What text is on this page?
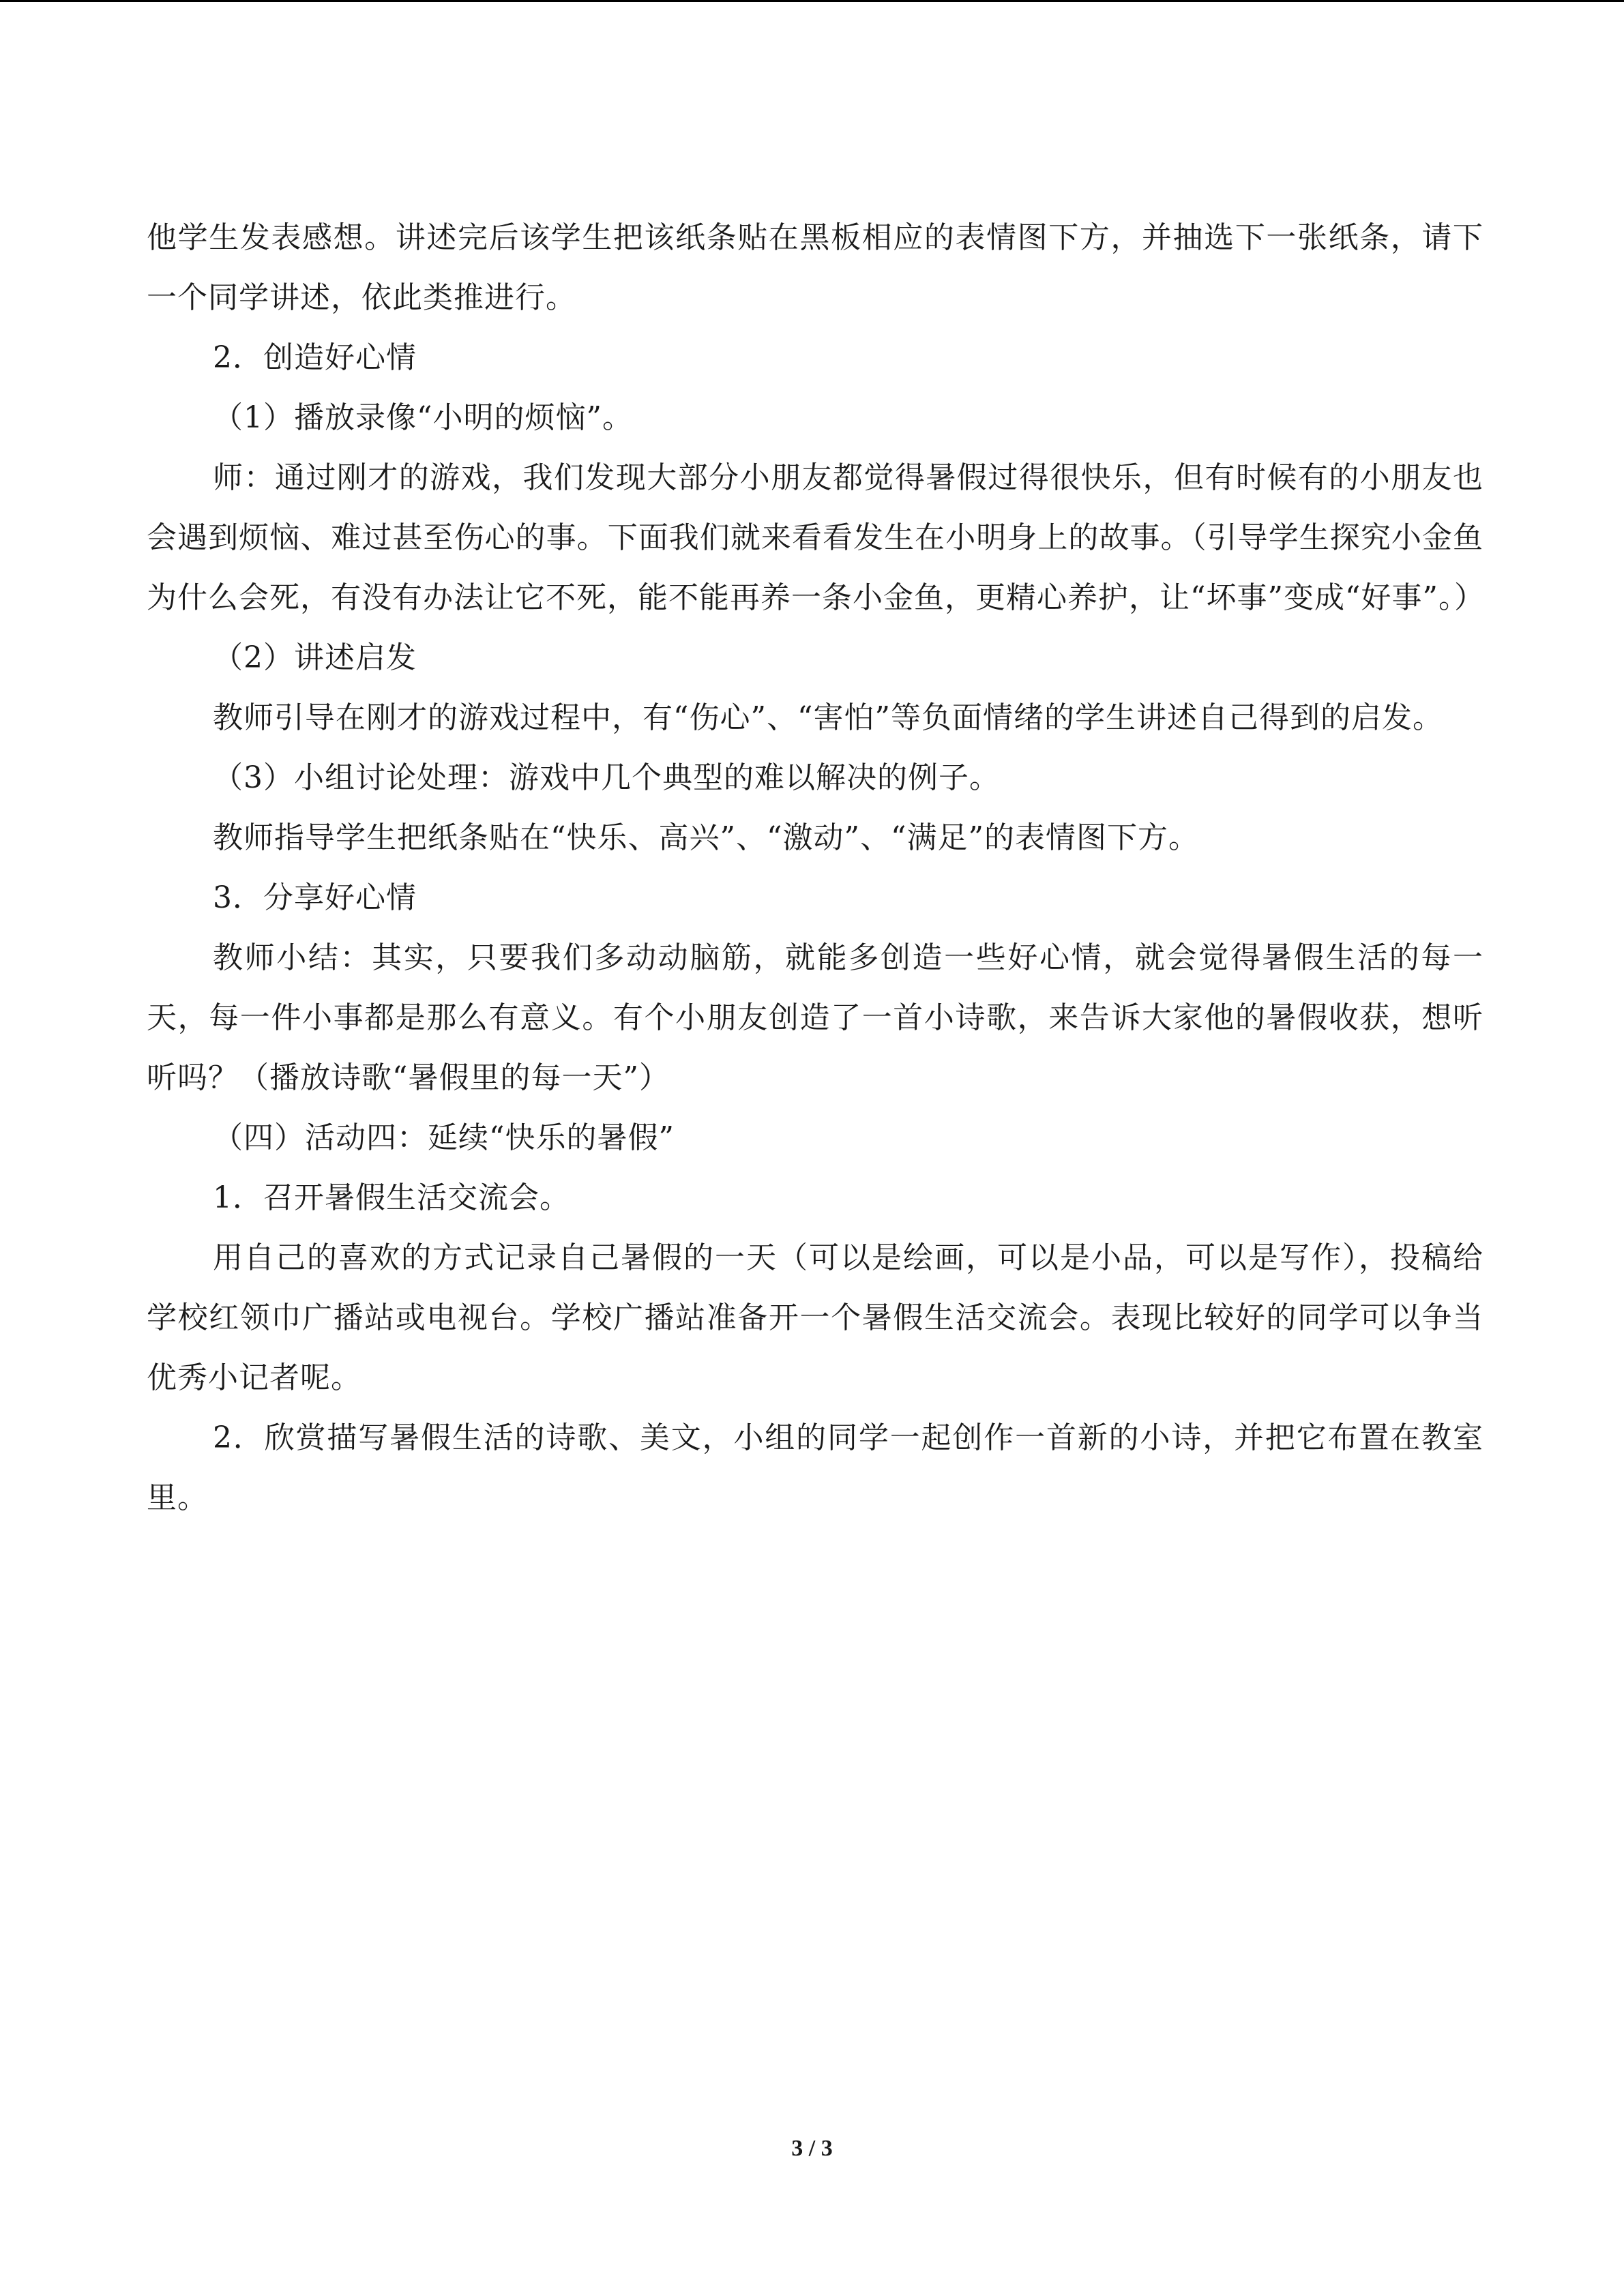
他学生发表感想。讲述完后该学生把该纸条贴在黑板相应的表情图下方，并抽选下一张纸条，请下一个同学讲述，依此类推进行。

2．创造好心情

（1）播放录像“小明的烦恼”。

师：通过刚才的游戏，我们发现大部分小朋友都觉得暑假过得很快乐，但有时候有的小朋友也会遇到烦恼、难过甚至伤心的事。下面我们就来看看发生在小明身上的故事。（引导学生探究小金鱼为什么会死，有没有办法让它不死，能不能再养一条小金鱼，更精心养护，让“坏事”变成“好事”。）

（2）讲述启发

教师引导在刚才的游戏过程中，有“伤心”、“害怕”等负面情绪的学生讲述自己得到的启发。

（3）小组讨论处理：游戏中几个典型的难以解决的例子。

教师指导学生把纸条贴在“快乐、高兴”、“激动”、“满足”的表情图下方。

3．分享好心情

教师小结：其实，只要我们多动动脑筋，就能多创造一些好心情，就会觉得暑假生活的每一天，每一件小事都是那么有意义。有个小朋友创造了一首小诗歌，来告诉大家他的暑假收获，想听听吗？（播放诗歌“暑假里的每一天”）

（四）活动四：延续“快乐的暑假”

1．召开暑假生活交流会。

用自己的喜欢的方式记录自己暑假的一天（可以是绘画，可以是小品，可以是写作），投稿给学校红领巾广播站或电视台。学校广播站准备开一个暑假生活交流会。表现比较好的同学可以争当优秀小记者呢。

2．欣赏描写暑假生活的诗歌、美文，小组的同学一起创作一首新的小诗，并把它布置在教室里。

3 / 3
